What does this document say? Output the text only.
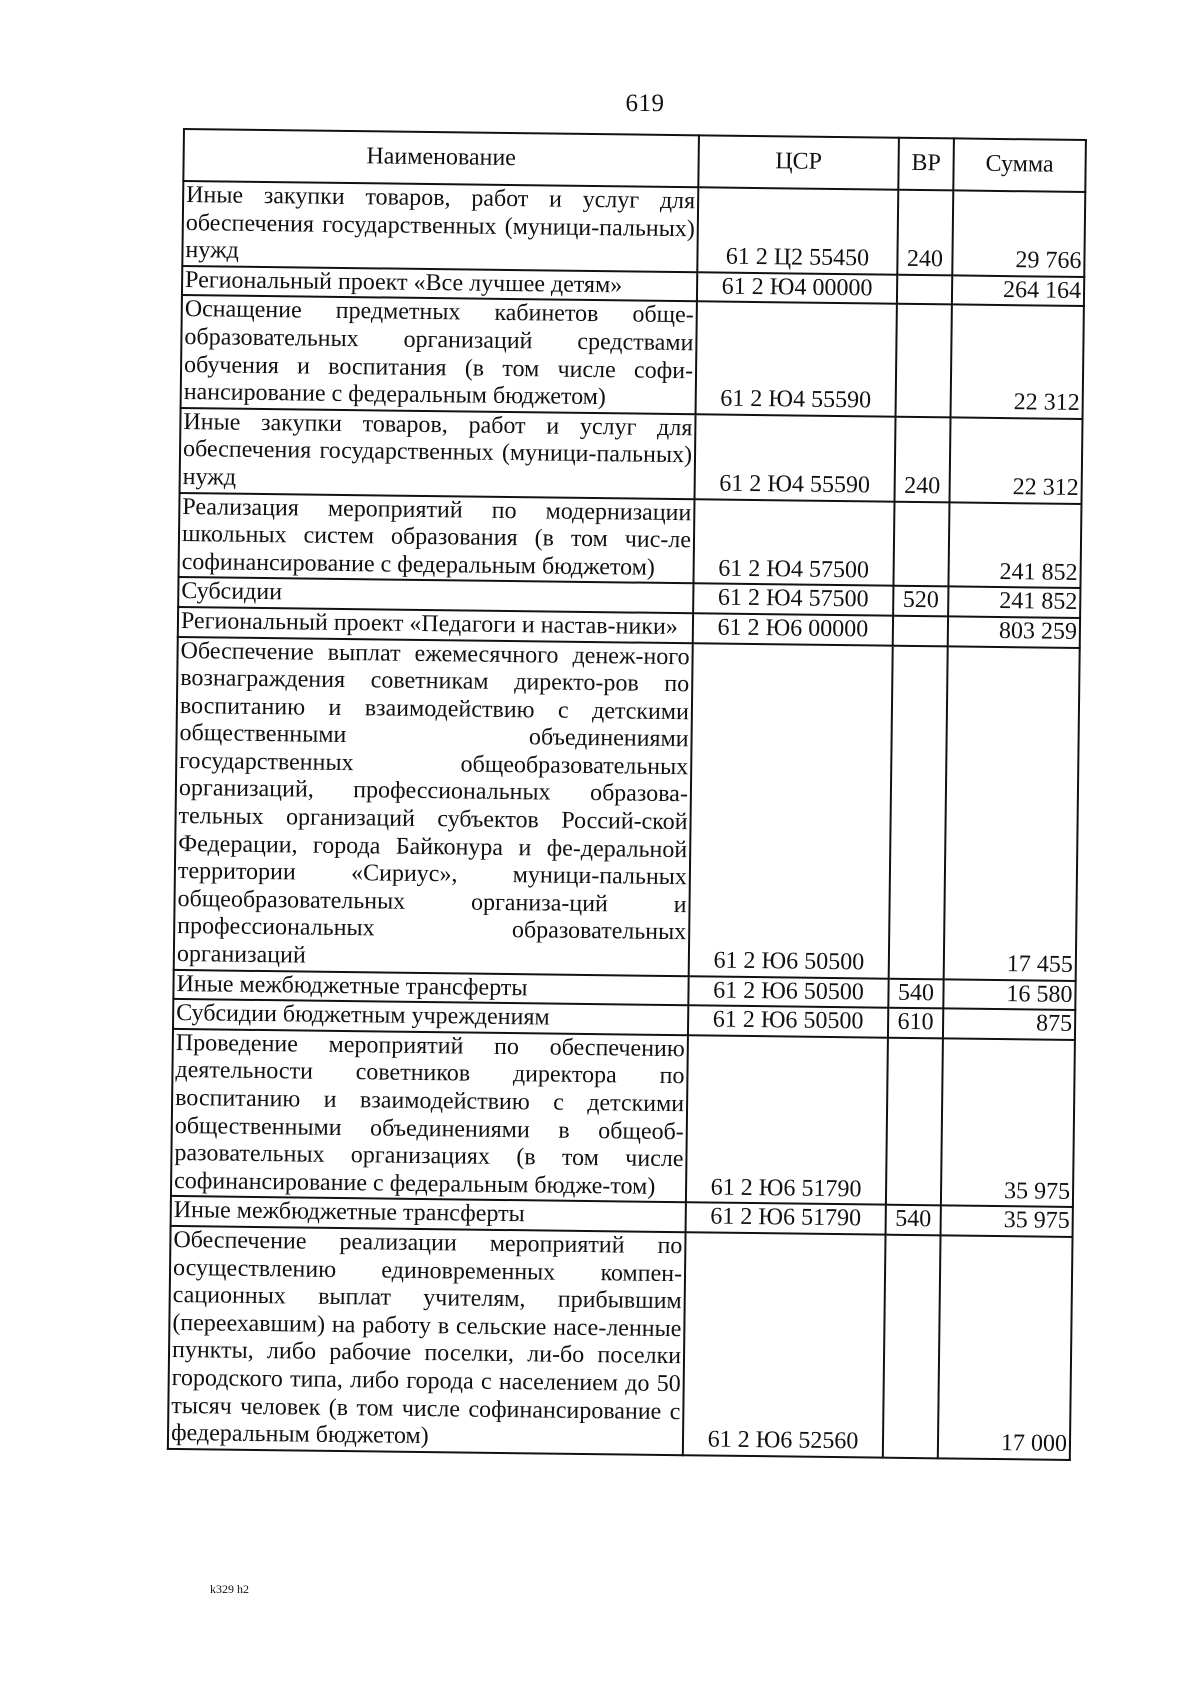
619
Наименование	ЦСР	ВР	Сумма
Иные закупки товаров, работ и услуг для обеспечения государственных (муници-пальных) нужд	61 2 Ц2 55450	240	29 766
Региональный проект «Все лучшее детям»	61 2 Ю4 00000		264 164
Оснащение предметных кабинетов обще-образовательных организаций средствами обучения и воспитания (в том числе софи-нансирование с федеральным бюджетом)	61 2 Ю4 55590		22 312
Иные закупки товаров, работ и услуг для обеспечения государственных (муници-пальных) нужд	61 2 Ю4 55590	240	22 312
Реализация мероприятий по модернизации школьных систем образования (в том чис-ле софинансирование с федеральным бюджетом)	61 2 Ю4 57500		241 852
Субсидии	61 2 Ю4 57500	520	241 852
Региональный проект «Педагоги и настав-ники»	61 2 Ю6 00000		803 259
Обеспечение выплат ежемесячного денеж-ного вознаграждения советникам директо-ров по воспитанию и взаимодействию с детскими общественными объединениями государственных общеобразовательных организаций, профессиональных образова-тельных организаций субъектов Россий-ской Федерации, города Байконура и фе-деральной территории «Сириус», муници-пальных общеобразовательных организа-ций и профессиональных образовательных организаций	61 2 Ю6 50500		17 455
Иные межбюджетные трансферты	61 2 Ю6 50500	540	16 580
Субсидии бюджетным учреждениям	61 2 Ю6 50500	610	875
Проведение мероприятий по обеспечению деятельности советников директора по воспитанию и взаимодействию с детскими общественными объединениями в общеоб-разовательных организациях (в том числе софинансирование с федеральным бюдже-том)	61 2 Ю6 51790		35 975
Иные межбюджетные трансферты	61 2 Ю6 51790	540	35 975
Обеспечение реализации мероприятий по осуществлению единовременных компен-сационных выплат учителям, прибывшим (переехавшим) на работу в сельские насе-ленные пункты, либо рабочие поселки, ли-бо поселки городского типа, либо города с населением до 50 тысяч человек (в том числе софинансирование с федеральным бюджетом)	61 2 Ю6 52560		17 000
k329 h2
